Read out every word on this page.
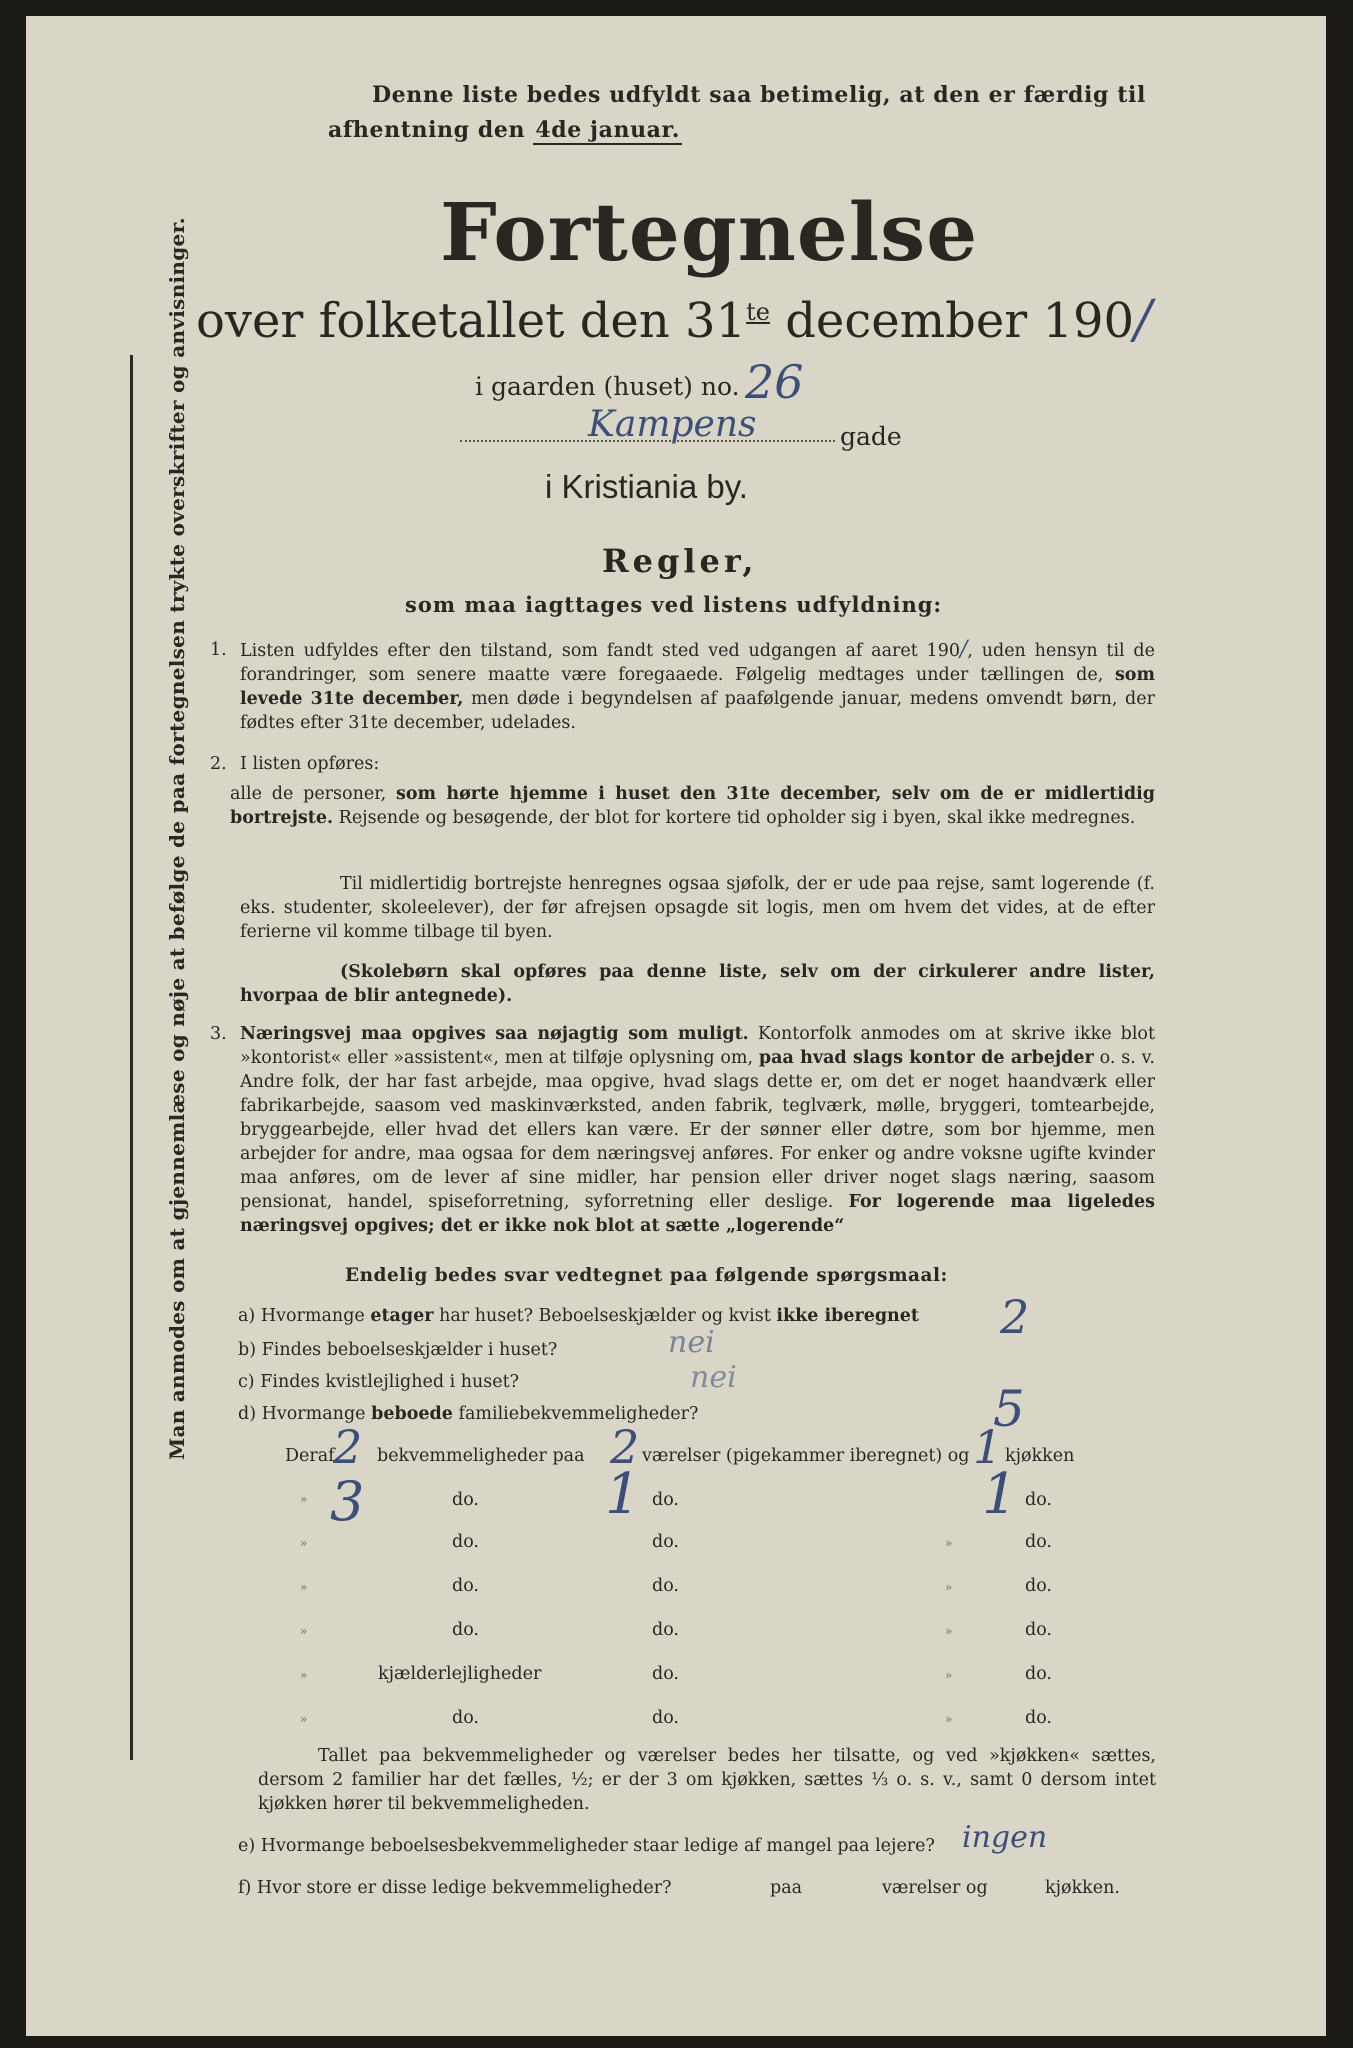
Denne liste bedes udfyldt saa betimelig, at den er færdig til
afhentning den 4de januar.
Fortegnelse
over folketallet den $31^{te}$ december 190/
i gaarden (huset) no. 26
Kampens	gade
i Kristiania by.
Regler,
som maa iagttages ved listens udfyldning:
1. Listen udfyldes efter den tilstand, som fandt sted ved udgangen af aaret 190/, uden hensyn til de forandringer, som senere maatte være foregaaede. Følgelig medtages under tællingen de, som levede 31te december, men døde i begyndelsen af paafølgende januar, medens omvendt børn, der fødtes efter 31te december, udelades.
2. I listen opføres:
alle de personer, som hørte hjemme i huset den 31te december, selv om de er midlertidig bortrejste. Rejsende og besøgende, der blot for kortere tid opholder sig i byen, skal ikke medregnes.
Til midlertidig bortrejste henregnes ogsaa sjøfolk, der er ude paa rejse, samt logerende (f. eks. studenter, skoleelever), der før afrejsen opsagde sit logis, men om hvem det vides, at de efter ferierne vil komme tilbage til byen.
(Skolebørn skal opføres paa denne liste, selv om der cirkulerer andre lister, hvorpaa de blir antegnede).
3. Næringsvej maa opgives saa nøjagtig som muligt. Kontorfolk anmodes om at skrive ikke blot »kontorist« eller »assistent«, men at tilføje oplysning om, paa hvad slags kontor de arbejder o. s. v. Andre folk, der har fast arbejde, maa opgive, hvad slags dette er, om det er noget haandværk eller fabrikarbejde, saasom ved maskinværksted, anden fabrik, teglværk, mølle, bryggeri, tomtearbejde, bryggearbejde, eller hvad det ellers kan være. Er der sønner eller døtre, som bor hjemme, men arbejder for andre, maa ogsaa for dem næringsvej anføres. For enker og andre voksne ugifte kvinder maa anføres, om de lever af sine midler, har pension eller driver noget slags næring, saasom pensionat, handel, spiseforretning, syforretning eller deslige. For logerende maa ligeledes næringsvej opgives; det er ikke nok blot at sætte „logerende“
Endelig bedes svar vedtegnet paa følgende spørgsmaal:
a) Hvormange etager har huset? Beboelseskjælder og kvist ikke iberegnet 2
b) Findes beboelseskjælder i huset?	nei
c) Findes kvistlejlighed i huset?	nei
d) Hvormange beboede familiebekvemmeligheder?	5
Deraf
2 bekvemmeligheder paa 2 værelser (pigekammer iberegnet) og 1 kjøkken
» 3	do. 1 do.	1 do.
»	do.	do.	»	do.
»	do.	do.	»	do.
»	do.	do.	»	do.
»	kjælderlejligheder	do.	»	do.
»	do.	do.	»	do.
Tallet paa bekvemmeligheder og værelser bedes her tilsatte, og ved »kjøkken« sættes, dersom 2 familier har det fælles, ½; er der 3 om kjøkken, sættes ⅓ o. s. v., samt 0 dersom intet kjøkken hører til bekvemmeligheden.
e) Hvormange beboelsesbekvemmeligheder staar ledige af mangel paa lejere? ingen
f) Hvor store er disse ledige bekvemmeligheder?	paa	værelser og	kjøkken.
Man anmodes om at gjennemlæse og nøje at befølge de paa fortegnelsen trykte overskrifter og anvisninger.
